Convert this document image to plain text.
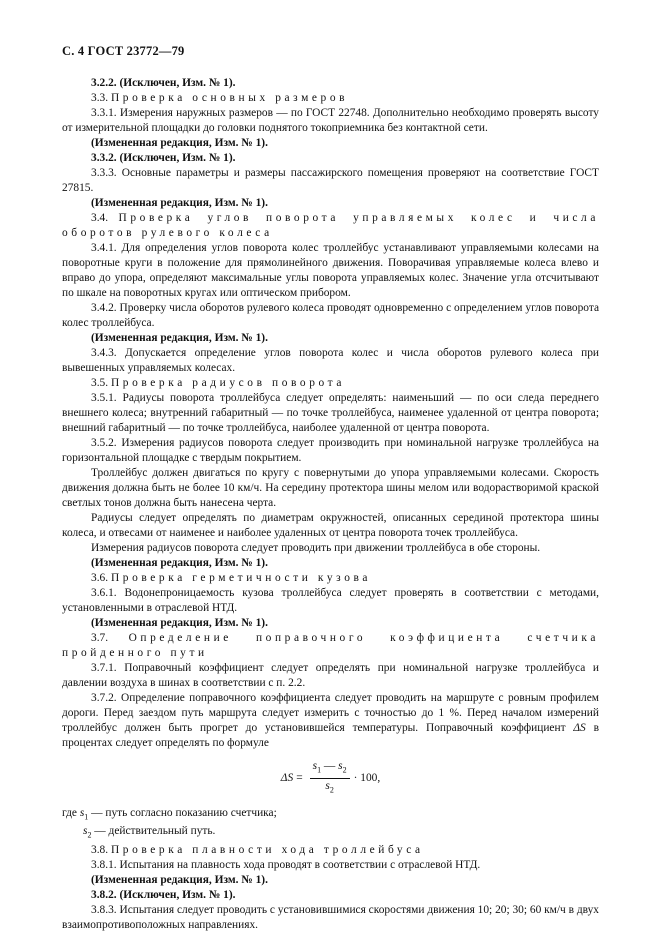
С. 4 ГОСТ 23772—79

3.2.2. (Исключен, Изм. № 1).

3.3. Проверка основных размеров

3.3.1. Измерения наружных размеров — по ГОСТ 22748. Дополнительно необходимо проверять высоту от измерительной площадки до головки поднятого токоприемника без контактной сети.

(Измененная редакция, Изм. № 1).

3.3.2. (Исключен, Изм. № 1).

3.3.3. Основные параметры и размеры пассажирского помещения проверяют на соответствие ГОСТ 27815.

(Измененная редакция, Изм. № 1).

3.4. Проверка углов поворота управляемых колес и числа оборотов рулевого колеса

3.4.1. Для определения углов поворота колес троллейбус устанавливают управляемыми колесами на поворотные круги в положение для прямолинейного движения. Поворачивая управляемые колеса влево и вправо до упора, определяют максимальные углы поворота управляемых колес. Значение угла отсчитывают по шкале на поворотных кругах или оптическом прибором.

3.4.2. Проверку числа оборотов рулевого колеса проводят одновременно с определением углов поворота колес троллейбуса.

(Измененная редакция, Изм. № 1).

3.4.3. Допускается определение углов поворота колес и числа оборотов рулевого колеса при вывешенных управляемых колесах.

3.5. Проверка радиусов поворота

3.5.1. Радиусы поворота троллейбуса следует определять: наименьший — по оси следа переднего внешнего колеса; внутренний габаритный — по точке троллейбуса, наименее удаленной от центра поворота; внешний габаритный — по точке троллейбуса, наиболее удаленной от центра поворота.

3.5.2. Измерения радиусов поворота следует производить при номинальной нагрузке троллейбуса на горизонтальной площадке с твердым покрытием.

Троллейбус должен двигаться по кругу с повернутыми до упора управляемыми колесами. Скорость движения должна быть не более 10 км/ч. На середину протектора шины мелом или водорастворимой краской светлых тонов должна быть нанесена черта.

Радиусы следует определять по диаметрам окружностей, описанных серединой протектора шины колеса, и отвесами от наименее и наиболее удаленных от центра поворота точек троллейбуса.

Измерения радиусов поворота следует проводить при движении троллейбуса в обе стороны.

(Измененная редакция, Изм. № 1).

3.6. Проверка герметичности кузова

3.6.1. Водонепроницаемость кузова троллейбуса следует проверять в соответствии с методами, установленными в отраслевой НТД.

(Измененная редакция, Изм. № 1).

3.7. Определение поправочного коэффициента счетчика пройденного пути

3.7.1. Поправочный коэффициент следует определять при номинальной нагрузке троллейбуса и давлении воздуха в шинах в соответствии с п. 2.2.

3.7.2. Определение поправочного коэффициента следует проводить на маршруте с ровным профилем дороги. Перед заездом путь маршрута следует измерить с точностью до 1 %. Перед началом измерений троллейбус должен быть прогрет до установившейся температуры. Поправочный коэффициент ΔS в процентах следует определять по формуле

$\Delta S = \frac{s_1 — s_2}{s_2} \cdot 100$,

где $s_1$ — путь согласно показанию счетчика;

$s_2$ — действительный путь.

3.8. Проверка плавности хода троллейбуса

3.8.1. Испытания на плавность хода проводят в соответствии с отраслевой НТД.

(Измененная редакция, Изм. № 1).

3.8.2. (Исключен, Изм. № 1).

3.8.3. Испытания следует проводить с установившимися скоростями движения 10; 20; 30; 60 км/ч в двух взаимопротивоположных направлениях.
